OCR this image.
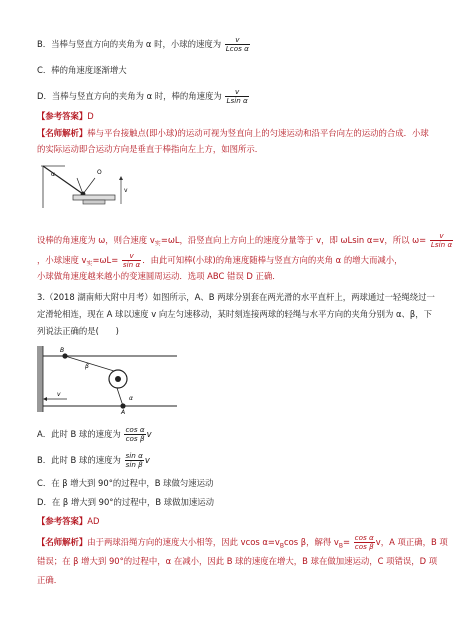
B．当棒与竖直方向的夹角为 α 时，小球的速度为 $\frac{v}{\text{Lcos α}}$
C．棒的角速度逐渐增大
D．当棒与竖直方向的夹角为 α 时，棒的角速度为 $\frac{v}{\text{Lsin α}}$
【参考答案】D
【名师解析】棒与平台接触点(即小球)的运动可视为竖直向上的匀速运动和沿平台向左的运动的合成．小球
的实际运动即合运动方向是垂直于棒指向左上方，如图所示．
α	O
v
设棒的角速度为 ω，则合速度 $v_实=\omega L$，沿竖直向上方向上的速度分量等于 v，即 ωLsin α=v，所以 $\omega= \frac{v}{\text{Lsin α}}$
，小球速度 $v_实=\omega L= \frac{v}{\text{sin α}}$ ．由此可知棒(小球)的角速度随棒与竖直方向的夹角 α 的增大而减小，
小球做角速度越来越小的变速圆周运动．选项 ABC 错误 D 正确．
3.（2018 湖南师大附中月考）如图所示，A、B 两球分别套在两光滑的水平直杆上，两球通过一轻绳绕过一
定滑轮相连，现在 A 球以速度 v 向左匀速移动，某时刻连接两球的轻绳与水平方向的夹角分别为 α、β，下
列说法正确的是(　　)
B
β
α
A
v
A．此时 B 球的速度为 $\frac{\text{cos α}}{\text{cos β}}$ v
B．此时 B 球的速度为 $\frac{\text{sin α}}{\text{sin β}}$ v
C．在 β 增大到 90°的过程中，B 球做匀速运动
D．在 β 增大到 90°的过程中，B 球做加速运动
【参考答案】AD
【名师解析】由于两球沿绳方向的速度大小相等，因此 vcos $\alpha=v_B\cos$ β，解得 $v_B= \frac{\text{cos α}}{\text{cos β}}$ v，A 项正确，B 项
错误；在 β 增大到 90°的过程中，α 在减小，因此 B 球的速度在增大，B 球在做加速运动，C 项错误，D 项
正确．
